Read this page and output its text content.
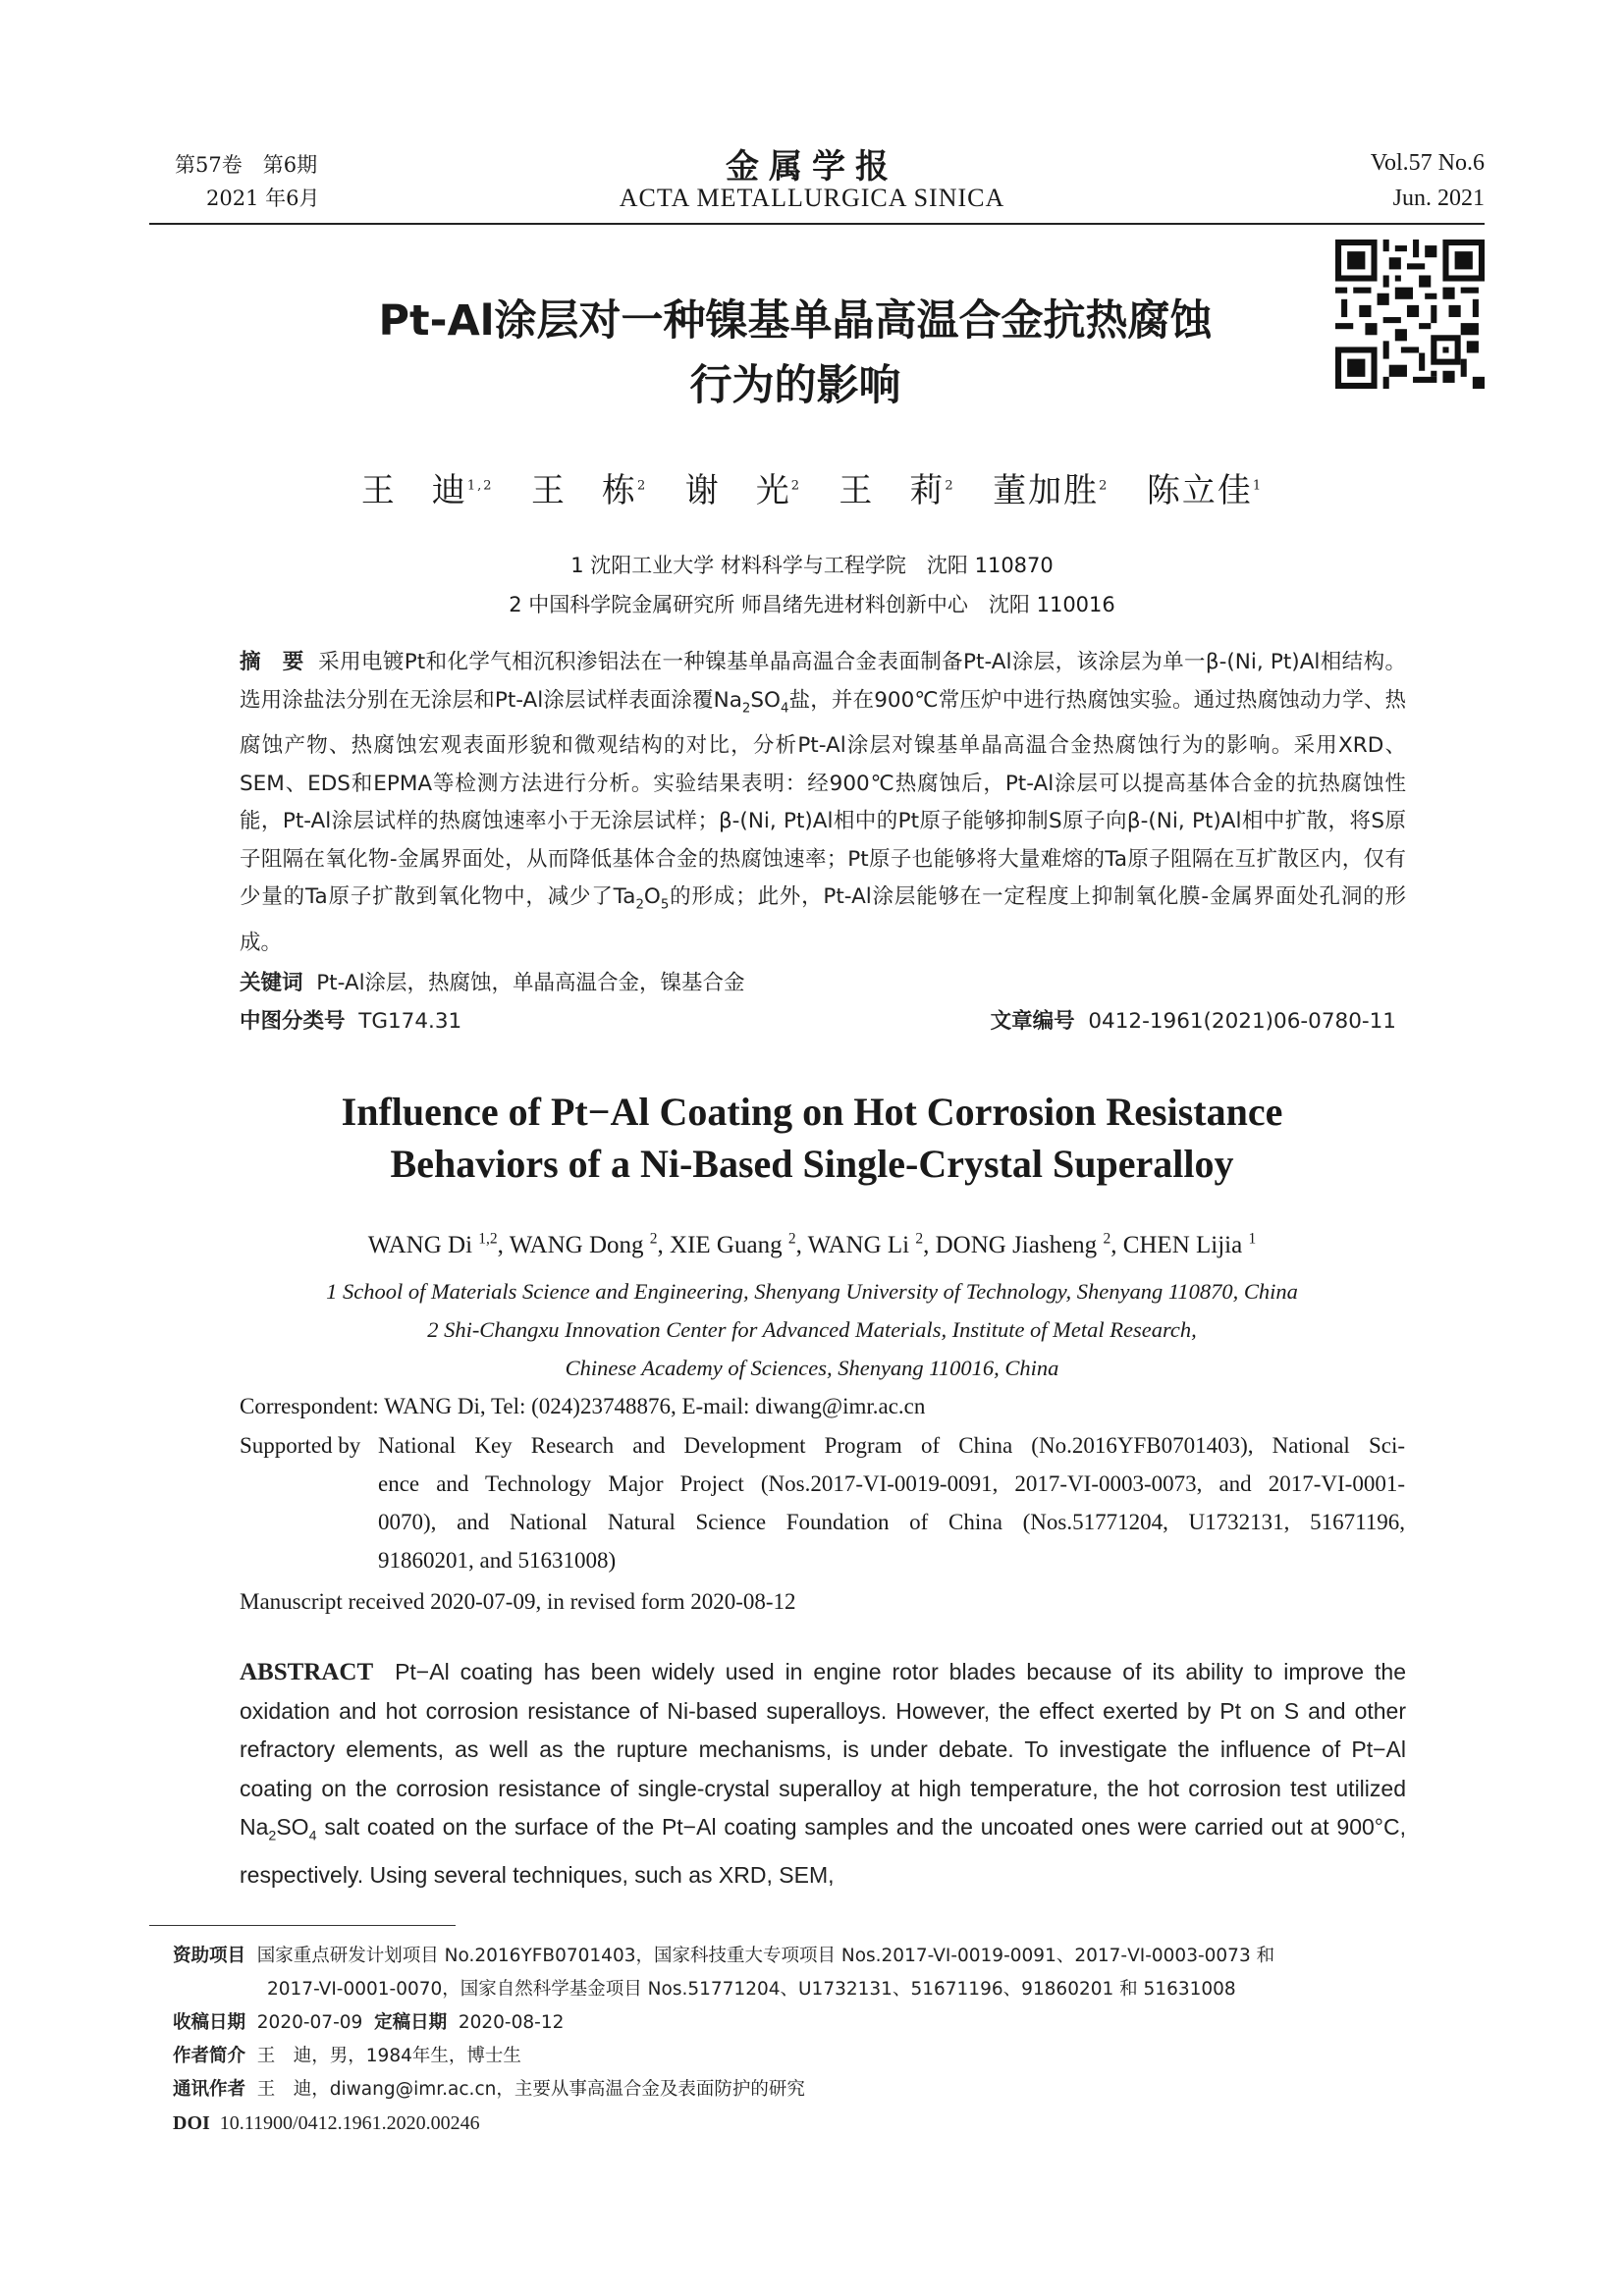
第57卷　第6期
2021 年6月
金属学报
ACTA METALLURGICA SINICA
Vol.57 No.6
Jun. 2021
Pt-Al涂层对一种镍基单晶高温合金抗热腐蚀
行为的影响
王　迪$^{1,2}$ 王　栋$^2$ 谢　光$^2$ 王　莉$^2$ 董加胜$^2$ 陈立佳$^1$
1 沈阳工业大学 材料科学与工程学院　沈阳 110870
2 中国科学院金属研究所 师昌绪先进材料创新中心　沈阳 110016
摘　要 采用电镀Pt和化学气相沉积渗铝法在一种镍基单晶高温合金表面制备Pt-Al涂层，该涂层为单一β-(Ni, Pt)Al相结构。选用涂盐法分别在无涂层和Pt-Al涂层试样表面涂覆$Na_2SO_4$盐，并在900℃常压炉中进行热腐蚀实验。通过热腐蚀动力学、热腐蚀产物、热腐蚀宏观表面形貌和微观结构的对比，分析Pt-Al涂层对镍基单晶高温合金热腐蚀行为的影响。采用XRD、SEM、EDS和EPMA等检测方法进行分析。实验结果表明：经900℃热腐蚀后，Pt-Al涂层可以提高基体合金的抗热腐蚀性能，Pt-Al涂层试样的热腐蚀速率小于无涂层试样；β-(Ni, Pt)Al相中的Pt原子能够抑制S原子向β-(Ni, Pt)Al相中扩散，将S原子阻隔在氧化物-金属界面处，从而降低基体合金的热腐蚀速率；Pt原子也能够将大量难熔的Ta原子阻隔在互扩散区内，仅有少量的Ta原子扩散到氧化物中，减少了$Ta_2O_5$的形成；此外，Pt-Al涂层能够在一定程度上抑制氧化膜-金属界面处孔洞的形成。
关键词 Pt-Al涂层，热腐蚀，单晶高温合金，镍基合金
中图分类号 TG174.31	文章编号 0412-1961(2021)06-0780-11
Influence of Pt−Al Coating on Hot Corrosion Resistance
Behaviors of a Ni-Based Single-Crystal Superalloy
WANG Di $^{1,2}$, WANG Dong $^2$, XIE Guang $^2$, WANG Li $^2$, DONG Jiasheng $^2$, CHEN Lijia $^1$
1 School of Materials Science and Engineering, Shenyang University of Technology, Shenyang 110870, China
2 Shi-Changxu Innovation Center for Advanced Materials, Institute of Metal Research,
Chinese Academy of Sciences, Shenyang 110016, China
Correspondent: WANG Di, Tel: (024)23748876, E-mail: diwang@imr.ac.cn
Supported by National Key Research and Development Program of China (No.2016YFB0701403), National Sci-
ence and Technology Major Project (Nos.2017-VI-0019-0091, 2017-VI-0003-0073, and 2017-VI-0001-
0070), and National Natural Science Foundation of China (Nos.51771204, U1732131, 51671196,
91860201, and 51631008)
Manuscript received 2020-07-09, in revised form 2020-08-12
ABSTRACT Pt−Al coating has been widely used in engine rotor blades because of its ability to improve the oxidation and hot corrosion resistance of Ni-based superalloys. However, the effect exerted by Pt on S and other refractory elements, as well as the rupture mechanisms, is under debate. To investigate the influence of Pt−Al coating on the corrosion resistance of single-crystal superalloy at high temperature, the hot corrosion test utilized $Na_2SO_4$ salt coated on the surface of the Pt−Al coating samples and the uncoated ones were carried out at 900°C, respectively. Using several techniques, such as XRD, SEM,
资助项目 国家重点研发计划项目 No.2016YFB0701403，国家科技重大专项项目 Nos.2017-VI-0019-0091、2017-VI-0003-0073 和
2017-VI-0001-0070，国家自然科学基金项目 Nos.51771204、U1732131、51671196、91860201 和 51631008
收稿日期 2020-07-09 定稿日期 2020-08-12
作者简介 王　迪，男，1984年生，博士生
通讯作者 王　迪，diwang@imr.ac.cn，主要从事高温合金及表面防护的研究
DOI 10.11900/0412.1961.2020.00246
